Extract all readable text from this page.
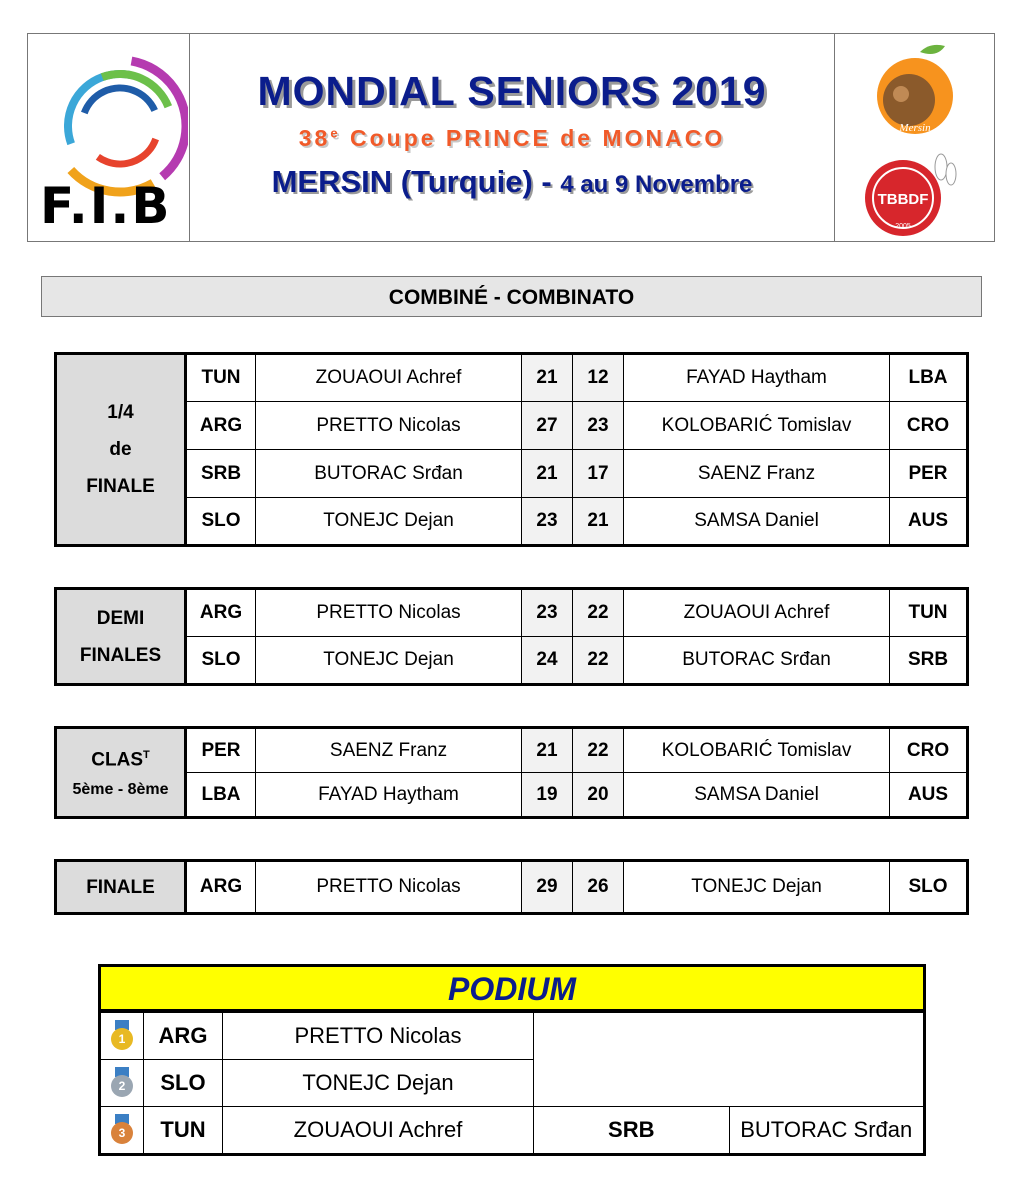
F.I.B
MONDIAL SENIORS 2019
38e Coupe PRINCE de MONACO
MERSIN (Turquie) - 4 au 9 Novembre
Mersin
TBBDF
2005
COMBINÉ - COMBINATO
1/4
de
FINALE	TUN	ZOUAOUI Achref	21	12	FAYAD Haytham	LBA
	ARG	PRETTO Nicolas	27	23	KOLOBARIĆ Tomislav	CRO
	SRB	BUTORAC Srđan	21	17	SAENZ Franz	PER
	SLO	TONEJC Dejan	23	21	SAMSA Daniel	AUS
DEMI
FINALES	ARG	PRETTO Nicolas	23	22	ZOUAOUI Achref	TUN
	SLO	TONEJC Dejan	24	22	BUTORAC Srđan	SRB
$CLAS^T$
5ème - 8ème	PER	SAENZ Franz	21	22	KOLOBARIĆ Tomislav	CRO
	LBA	FAYAD Haytham	19	20	SAMSA Daniel	AUS
FINALE	ARG	PRETTO Nicolas	29	26	TONEJC Dejan	SLO
PODIUM
1	ARG	PRETTO Nicolas		

2	SLO	TONEJC Dejan		

3	TUN	ZOUAOUI Achref	SRB	BUTORAC Srđan
